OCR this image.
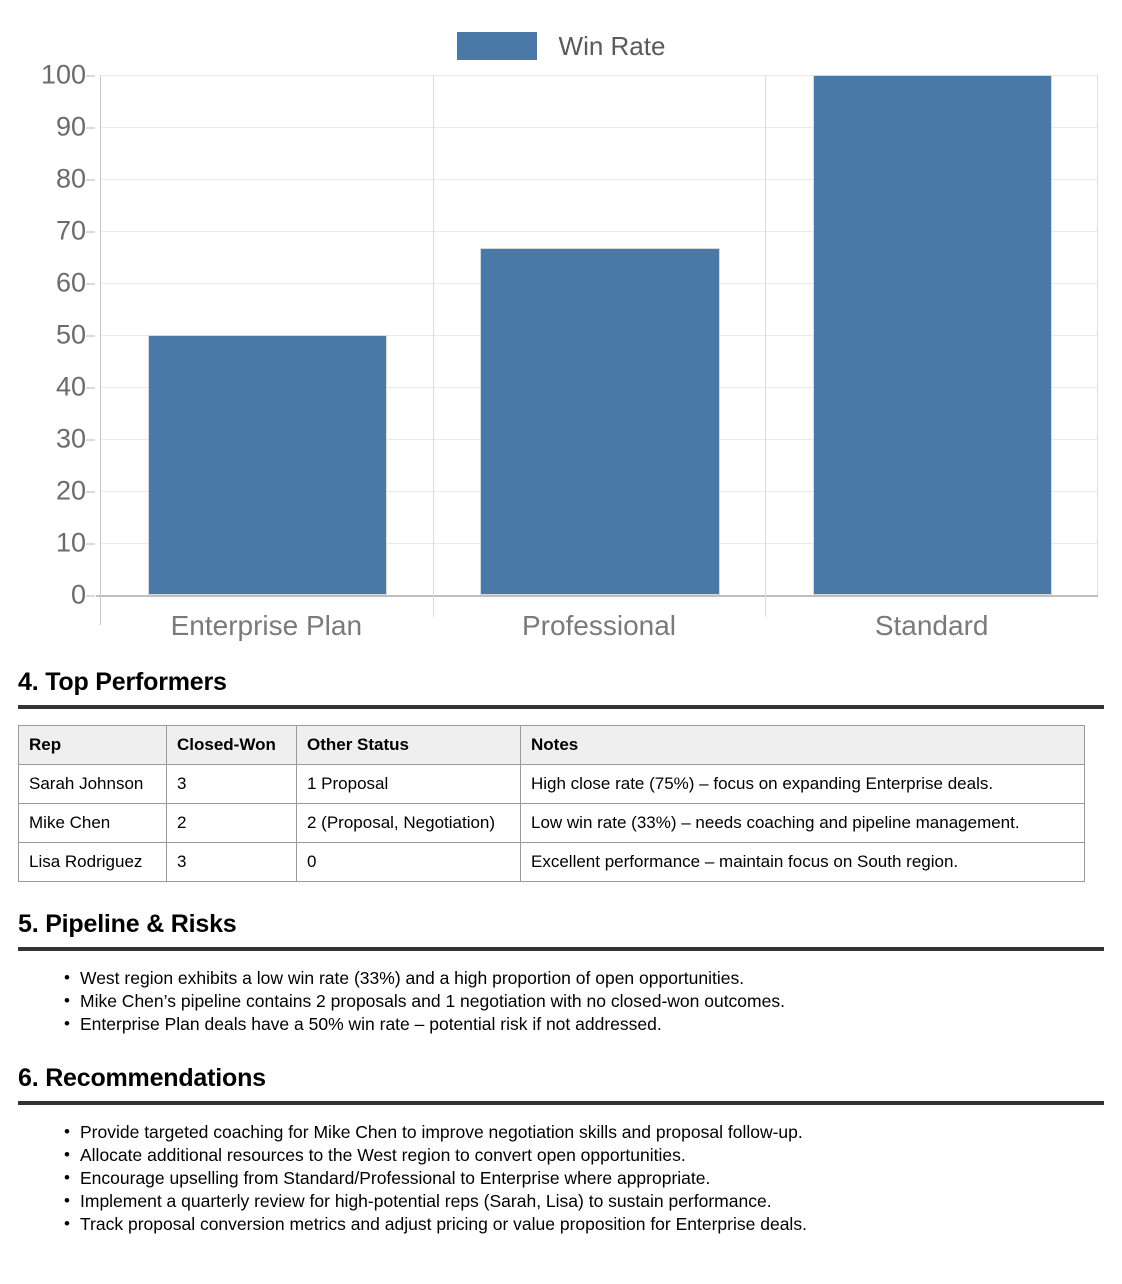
Win Rate
0
10
20
30
40
50
60
70
80
90
100
Enterprise Plan	Professional	Standard
4. Top Performers
Rep	Closed-Won	Other Status	Notes
Sarah Johnson	3	1 Proposal	High close rate (75%) – focus on expanding Enterprise deals.
Mike Chen	2	2 (Proposal, Negotiation)	Low win rate (33%) – needs coaching and pipeline management.
Lisa Rodriguez	3	0	Excellent performance – maintain focus on South region.
5. Pipeline & Risks
• West region exhibits a low win rate (33%) and a high proportion of open opportunities.
• Mike Chen’s pipeline contains 2 proposals and 1 negotiation with no closed-won outcomes.
• Enterprise Plan deals have a 50% win rate – potential risk if not addressed.
6. Recommendations
• Provide targeted coaching for Mike Chen to improve negotiation skills and proposal follow-up.
• Allocate additional resources to the West region to convert open opportunities.
• Encourage upselling from Standard/Professional to Enterprise where appropriate.
• Implement a quarterly review for high-potential reps (Sarah, Lisa) to sustain performance.
• Track proposal conversion metrics and adjust pricing or value proposition for Enterprise deals.
